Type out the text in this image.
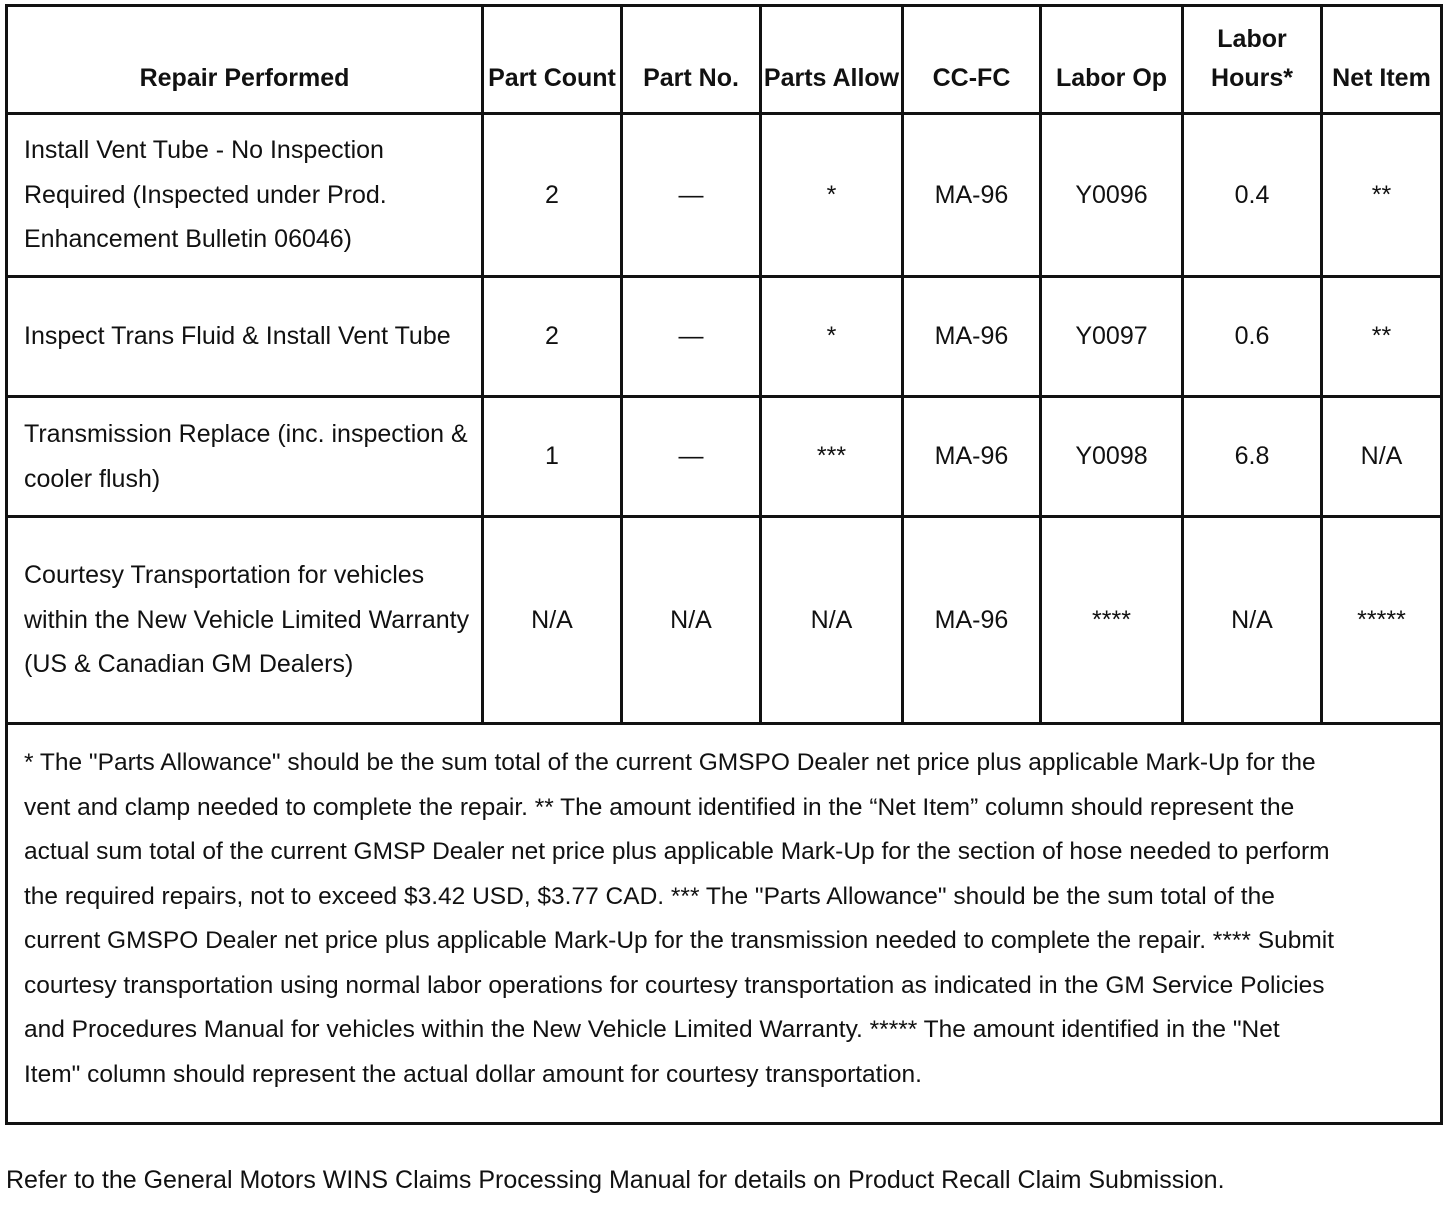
Repair Performed	Part Count	Part No.	Parts Allow	CC-FC	Labor Op	Labor Hours*	Net Item
Install Vent Tube - No Inspection Required (Inspected under Prod. Enhancement Bulletin 06046)	2	—	*	MA-96	Y0096	0.4	**
Inspect Trans Fluid & Install Vent Tube	2	—	*	MA-96	Y0097	0.6	**
Transmission Replace (inc. inspection & cooler flush)	1	—	***	MA-96	Y0098	6.8	N/A
Courtesy Transportation for vehicles within the New Vehicle Limited Warranty (US & Canadian GM Dealers)	N/A	N/A	N/A	MA-96	****	N/A	*****
* The "Parts Allowance" should be the sum total of the current GMSPO Dealer net price plus applicable Mark-Up for the vent and clamp needed to complete the repair. ** The amount identified in the “Net Item” column should represent the actual sum total of the current GMSP Dealer net price plus applicable Mark-Up for the section of hose needed to perform the required repairs, not to exceed $3.42 USD, $3.77 CAD. *** The "Parts Allowance" should be the sum total of the current GMSPO Dealer net price plus applicable Mark-Up for the transmission needed to complete the repair. **** Submit courtesy transportation using normal labor operations for courtesy transportation as indicated in the GM Service Policies and Procedures Manual for vehicles within the New Vehicle Limited Warranty. ***** The amount identified in the "Net Item" column should represent the actual dollar amount for courtesy transportation.							
Refer to the General Motors WINS Claims Processing Manual for details on Product Recall Claim Submission.
